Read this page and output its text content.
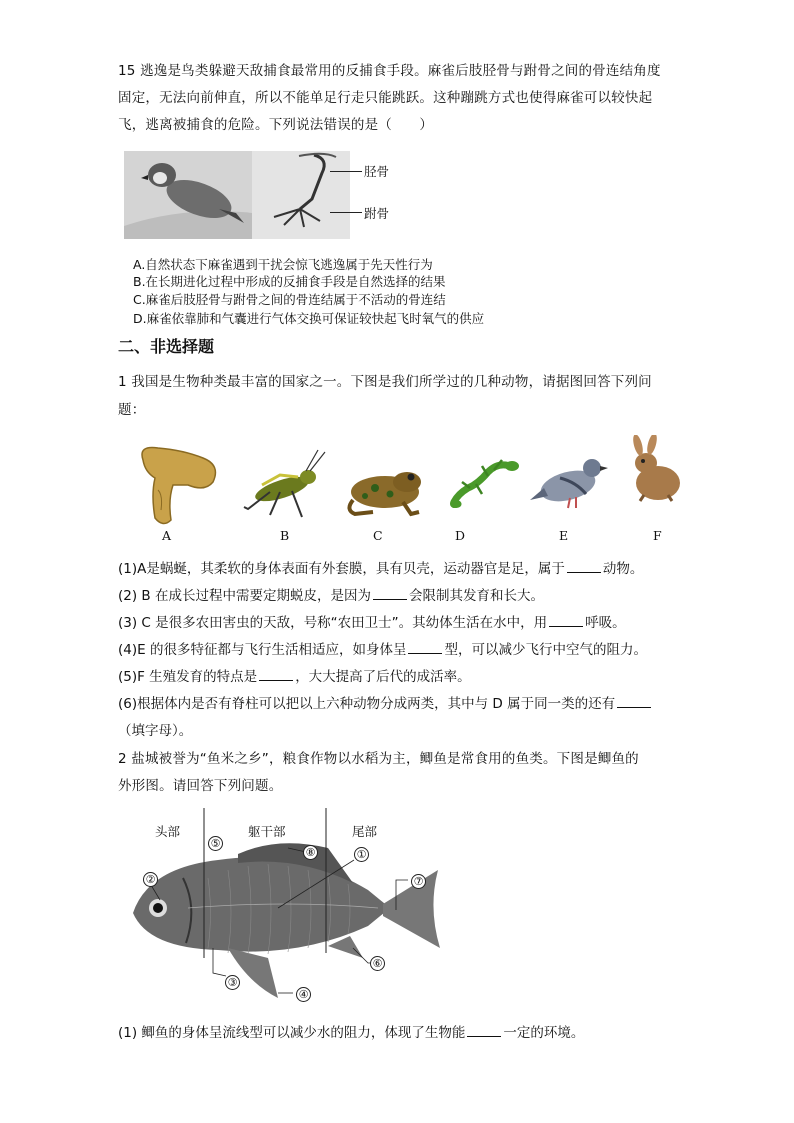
15 逃逸是鸟类躲避天敌捕食最常用的反捕食手段。麻雀后肢胫骨与跗骨之间的骨连结角度
固定，无法向前伸直，所以不能单足行走只能跳跃。这种蹦跳方式也使得麻雀可以较快起
飞，逃离被捕食的危险。下列说法错误的是（　　）
胫骨
跗骨
A.自然状态下麻雀遇到干扰会惊飞逃逸属于先天性行为
B.在长期进化过程中形成的反捕食手段是自然选择的结果
C.麻雀后肢胫骨与跗骨之间的骨连结属于不活动的骨连结
D.麻雀依靠肺和气囊进行气体交换可保证较快起飞时氧气的供应
二、非选择题
1 我国是生物种类最丰富的国家之一。下图是我们所学过的几种动物，请据图回答下列问
题：
A	B	C	D	E	F
(1)A是蜗蜒，其柔软的身体表面有外套膜，具有贝壳，运动器官是足，属于	动物。
(2) B 在成长过程中需要定期蜕皮，是因为	会限制其发育和长大。
(3) C 是很多农田害虫的天敌，号称“农田卫士”。其幼体生活在水中，用	呼吸。
(4)E 的很多特征都与飞行生活相适应，如身体呈	型，可以减少飞行中空气的阻力。
(5)F 生殖发育的特点是	，大大提高了后代的成活率。
(6)根据体内是否有脊柱可以把以上六种动物分成两类，其中与 D 属于同一类的还有
（填字母）。
2 盐城被誉为“鱼米之乡”，粮食作物以水稻为主，鲫鱼是常食用的鱼类。下图是鲫鱼的
外形图。请回答下列问题。
头部	躯干部	尾部
①
②
③
④
⑤
⑥
⑦
⑧
(1) 鲫鱼的身体呈流线型可以减少水的阻力，体现了生物能	一定的环境。
